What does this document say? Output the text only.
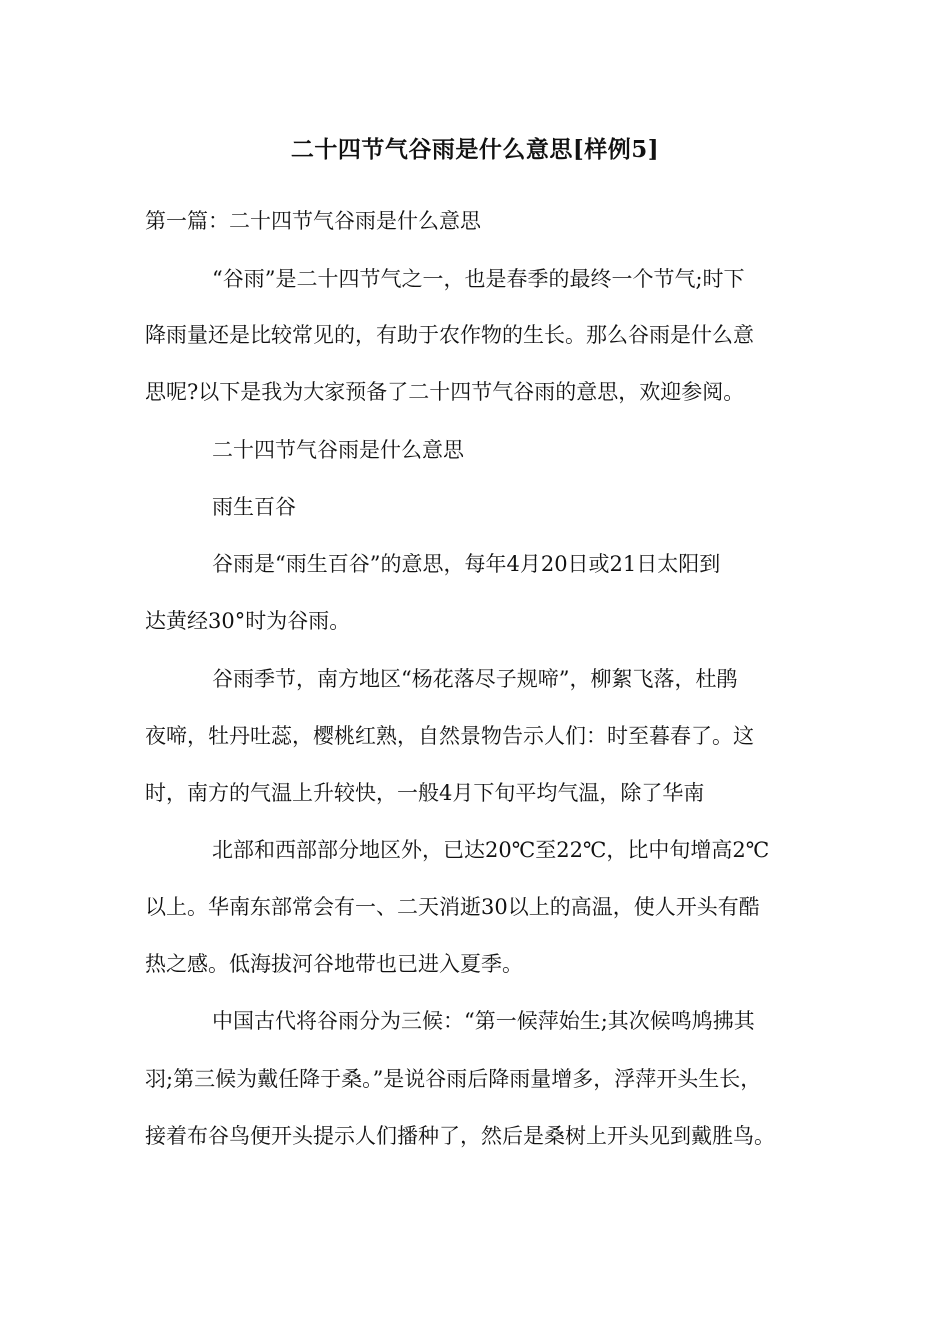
二十四节气谷雨是什么意思[样例5]
第一篇：二十四节气谷雨是什么意思
“谷雨”是二十四节气之一，也是春季的最终一个节气;时下
降雨量还是比较常见的，有助于农作物的生长。那么谷雨是什么意
思呢?以下是我为大家预备了二十四节气谷雨的意思，欢迎参阅。
二十四节气谷雨是什么意思
雨生百谷
谷雨是“雨生百谷”的意思，每年4月20日或21日太阳到
达黄经30°时为谷雨。
谷雨季节，南方地区“杨花落尽子规啼”，柳絮飞落，杜鹃
夜啼，牡丹吐蕊，樱桃红熟，自然景物告示人们：时至暮春了。这
时，南方的气温上升较快，一般4月下旬平均气温，除了华南
北部和西部部分地区外，已达20℃至22℃，比中旬增高2℃
以上。华南东部常会有一、二天消逝30以上的高温，使人开头有酷
热之感。低海拔河谷地带也已进入夏季。
中国古代将谷雨分为三候：“第一候萍始生;其次候鸣鸠拂其
羽;第三候为戴任降于桑。”是说谷雨后降雨量增多，浮萍开头生长，
接着布谷鸟便开头提示人们播种了，然后是桑树上开头见到戴胜鸟。
